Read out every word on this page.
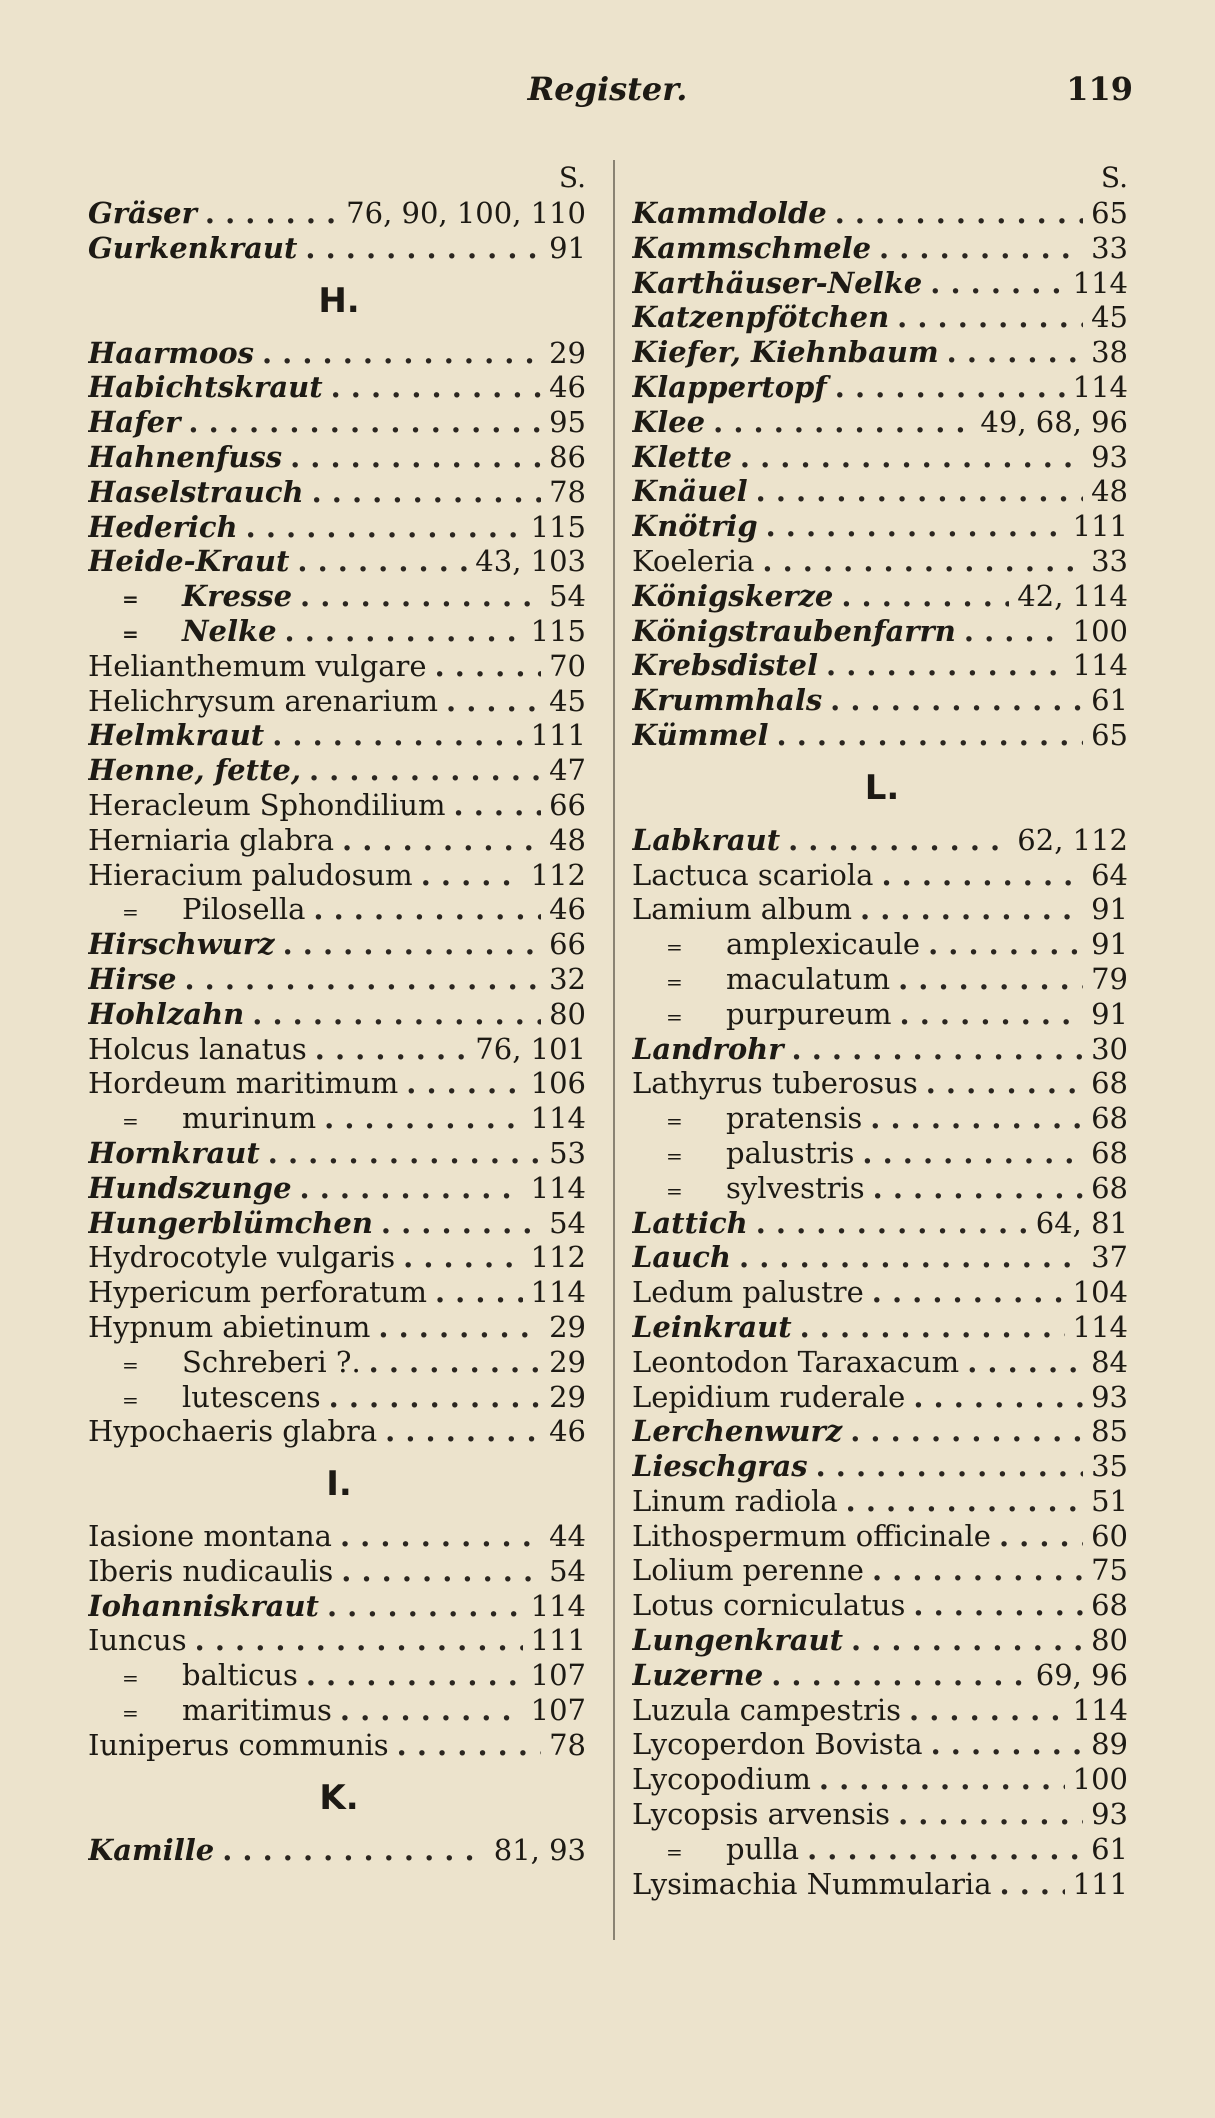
Register.	119
S.
Gräser . . .	76, 90, 100, 110
Gurkenkraut . . .	91
H.
Haarmoos . . .	29
Habichtskraut . . .	46
Hafer . . .	95
Hahnenfuss . . .	86
Haselstrauch . . .	78
Hederich . . .	115
Heide-Kraut . . .	43, 103
= Kresse . . .	54
= Nelke . . .	115
Helianthemum vulgare . . .	70
Helichrysum arenarium . . .	45
Helmkraut . . .	111
Henne, fette, . . .	47
Heracleum Sphondilium . . .	66
Herniaria glabra . . .	48
Hieracium paludosum . . .	112
= Pilosella . . .	46
Hirschwurz . . .	66
Hirse . . .	32
Hohlzahn . . .	80
Holcus lanatus . . .	76, 101
Hordeum maritimum . . .	106
= murinum . . .	114
Hornkraut . . .	53
Hundszunge . . .	114
Hungerblümchen . . .	54
Hydrocotyle vulgaris . . .	112
Hypericum perforatum . . .	114
Hypnum abietinum . . .	29
= Schreberi ?. . . .	29
= lutescens . . .	29
Hypochaeris glabra . . .	46
I.
Iasione montana . . .	44
Iberis nudicaulis . . .	54
Iohanniskraut . . .	114
Iuncus . . .	111
= balticus . . .	107
= maritimus . . .	107
Iuniperus communis . . .	78
K.
Kamille . . .	81, 93
S.
Kammdolde . . .	65
Kammschmele . . .	33
Karthäuser-Nelke . . .	114
Katzenpfötchen . . .	45
Kiefer, Kiehnbaum . . .	38
Klappertopf . . .	114
Klee . . .	49, 68, 96
Klette . . .	93
Knäuel . . .	48
Knötrig . . .	111
Koeleria . . .	33
Königskerze . . .	42, 114
Königstraubenfarrn . . .	100
Krebsdistel . . .	114
Krummhals . . .	61
Kümmel . . .	65
L.
Labkraut . . .	62, 112
Lactuca scariola . . .	64
Lamium album . . .	91
= amplexicaule . . .	91
= maculatum . . .	79
= purpureum . . .	91
Landrohr . . .	30
Lathyrus tuberosus . . .	68
= pratensis . . .	68
= palustris . . .	68
= sylvestris . . .	68
Lattich . . .	64, 81
Lauch . . .	37
Ledum palustre . . .	104
Leinkraut . . .	114
Leontodon Taraxacum . . .	84
Lepidium ruderale . . .	93
Lerchenwurz . . .	85
Lieschgras . . .	35
Linum radiola . . .	51
Lithospermum officinale . . .	60
Lolium perenne . . .	75
Lotus corniculatus . . .	68
Lungenkraut . . .	80
Luzerne . . .	69, 96
Luzula campestris . . .	114
Lycoperdon Bovista . . .	89
Lycopodium . . .	100
Lycopsis arvensis . . .	93
= pulla . . .	61
Lysimachia Nummularia . . .	111
